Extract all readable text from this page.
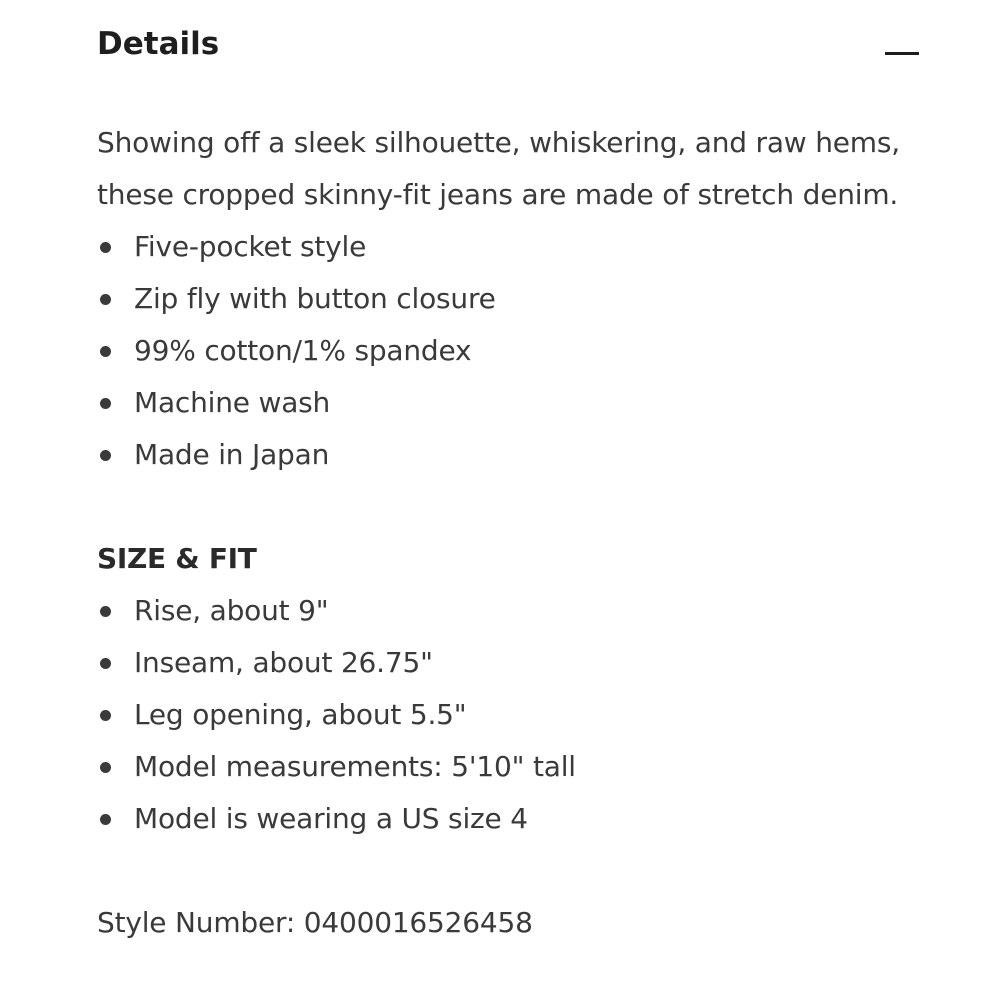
Details

Showing off a sleek silhouette, whiskering, and raw hems, these cropped skinny-fit jeans are made of stretch denim.

Five-pocket style
Zip fly with button closure
99% cotton/1% spandex
Machine wash
Made in Japan
SIZE & FIT
Rise, about 9"
Inseam, about 26.75"
Leg opening, about 5.5"
Model measurements: 5'10" tall
Model is wearing a US size 4
Style Number: 0400016526458
